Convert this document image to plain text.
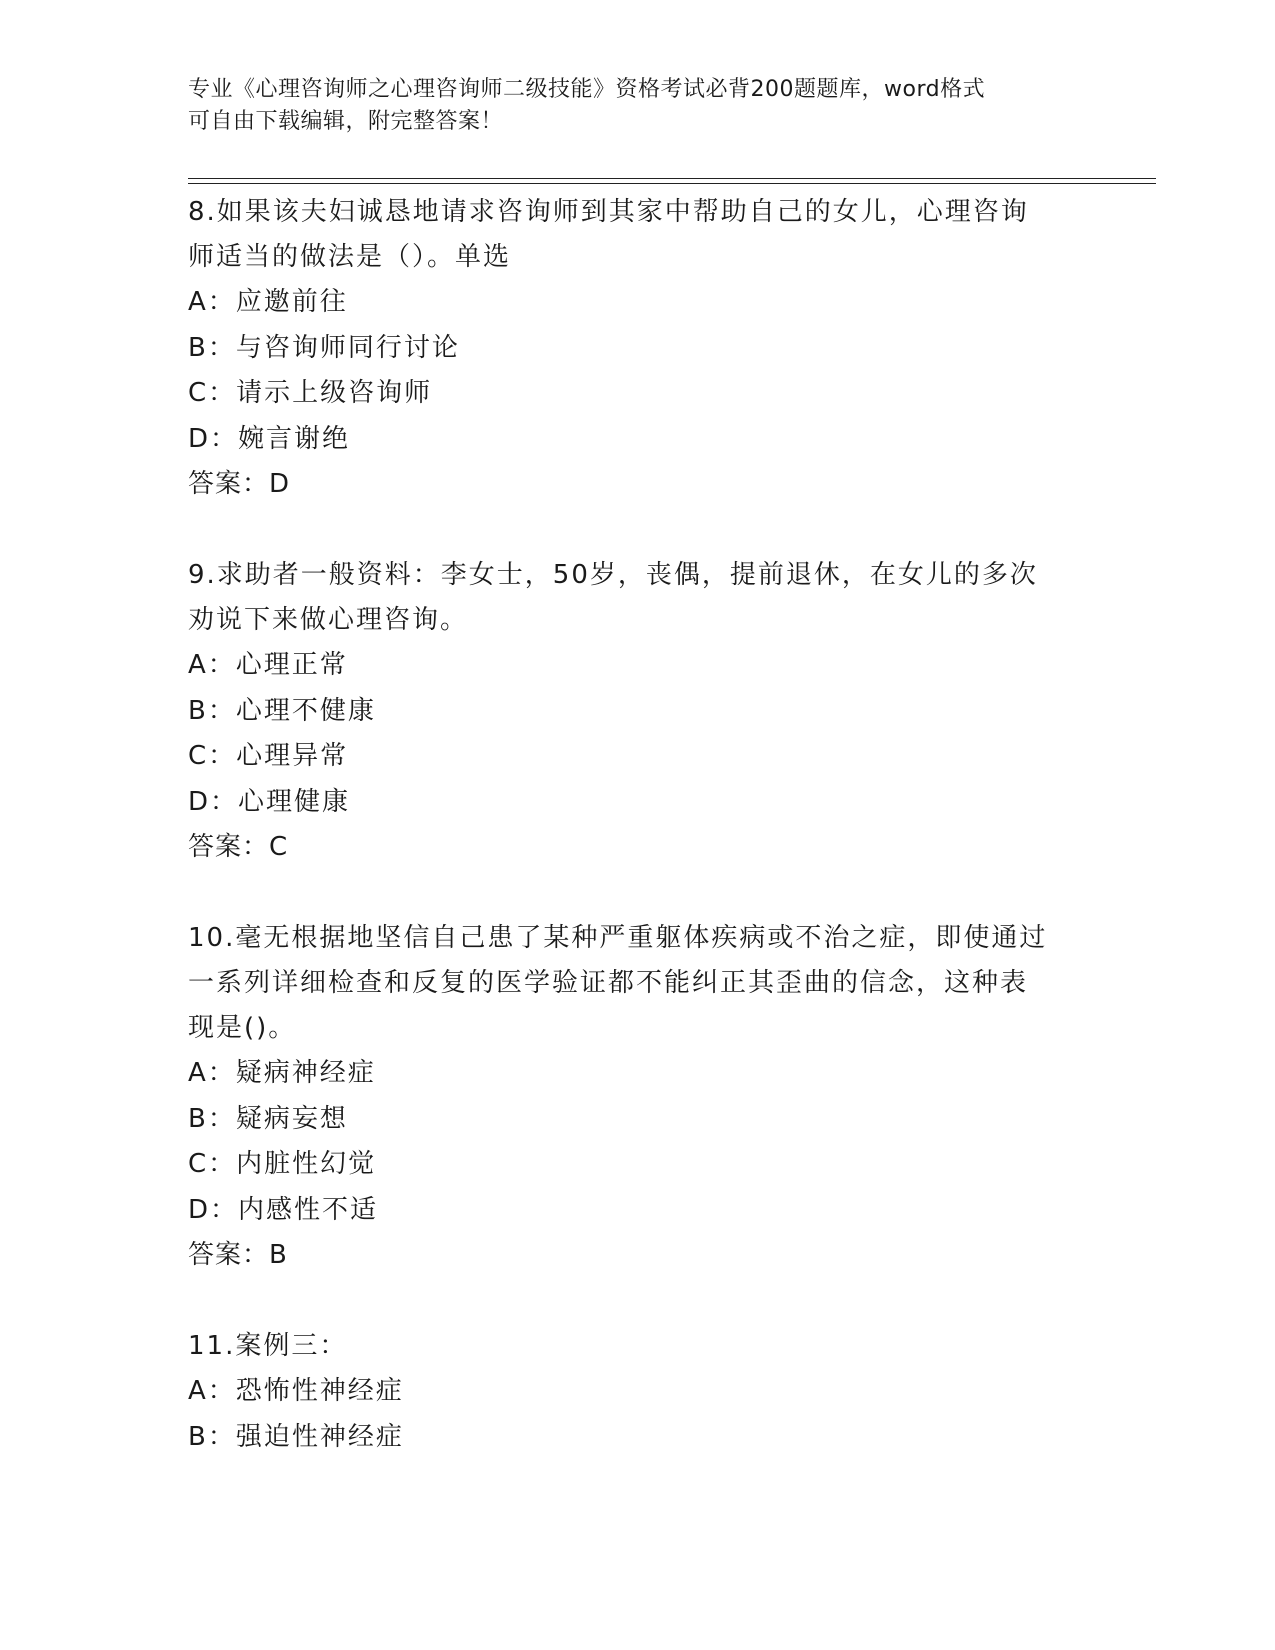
专业《心理咨询师之心理咨询师二级技能》资格考试必背200题题库，word格式
可自由下载编辑，附完整答案！
8.如果该夫妇诚恳地请求咨询师到其家中帮助自己的女儿，心理咨询
师适当的做法是（）。单选
A：应邀前往
B：与咨询师同行讨论
C：请示上级咨询师
D：婉言谢绝
答案：D
9.求助者一般资料：李女士，50岁，丧偶，提前退休，在女儿的多次
劝说下来做心理咨询。
A：心理正常
B：心理不健康
C：心理异常
D：心理健康
答案：C
10.毫无根据地坚信自己患了某种严重躯体疾病或不治之症，即使通过
一系列详细检查和反复的医学验证都不能纠正其歪曲的信念，这种表
现是()。
A：疑病神经症
B：疑病妄想
C：内脏性幻觉
D：内感性不适
答案：B
11.案例三：
A：恐怖性神经症
B：强迫性神经症
